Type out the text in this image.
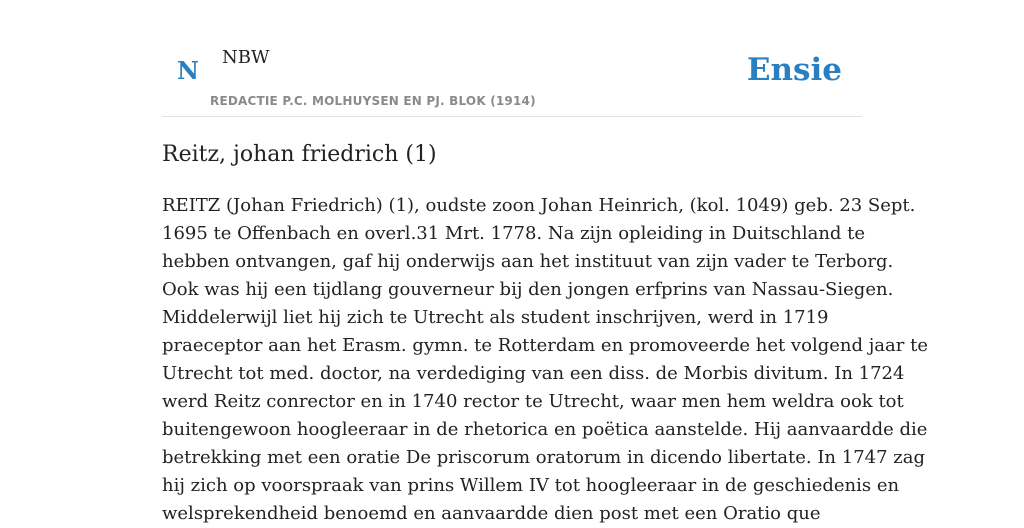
N NBW
REDACTIE P.C. MOLHUYSEN EN PJ. BLOK (1914)
Ensie
Reitz, johan friedrich (1)
REITZ (Johan Friedrich) (1), oudste zoon Johan Heinrich, (kol. 1049) geb. 23 Sept.
1695 te Offenbach en overl.31 Mrt. 1778. Na zijn opleiding in Duitschland te
hebben ontvangen, gaf hij onderwijs aan het instituut van zijn vader te Terborg.
Ook was hij een tijdlang gouverneur bij den jongen erfprins van Nassau-Siegen.
Middelerwijl liet hij zich te Utrecht als student inschrijven, werd in 1719
praeceptor aan het Erasm. gymn. te Rotterdam en promoveerde het volgend jaar te
Utrecht tot med. doctor, na verdediging van een diss. de Morbis divitum. In 1724
werd Reitz conrector en in 1740 rector te Utrecht, waar men hem weldra ook tot
buitengewoon hoogleeraar in de rhetorica en poëtica aanstelde. Hij aanvaardde die
betrekking met een oratie De priscorum oratorum in dicendo libertate. In 1747 zag
hij zich op voorspraak van prins Willem IV tot hoogleeraar in de geschiedenis en
welsprekendheid benoemd en aanvaardde dien post met een Oratio que
